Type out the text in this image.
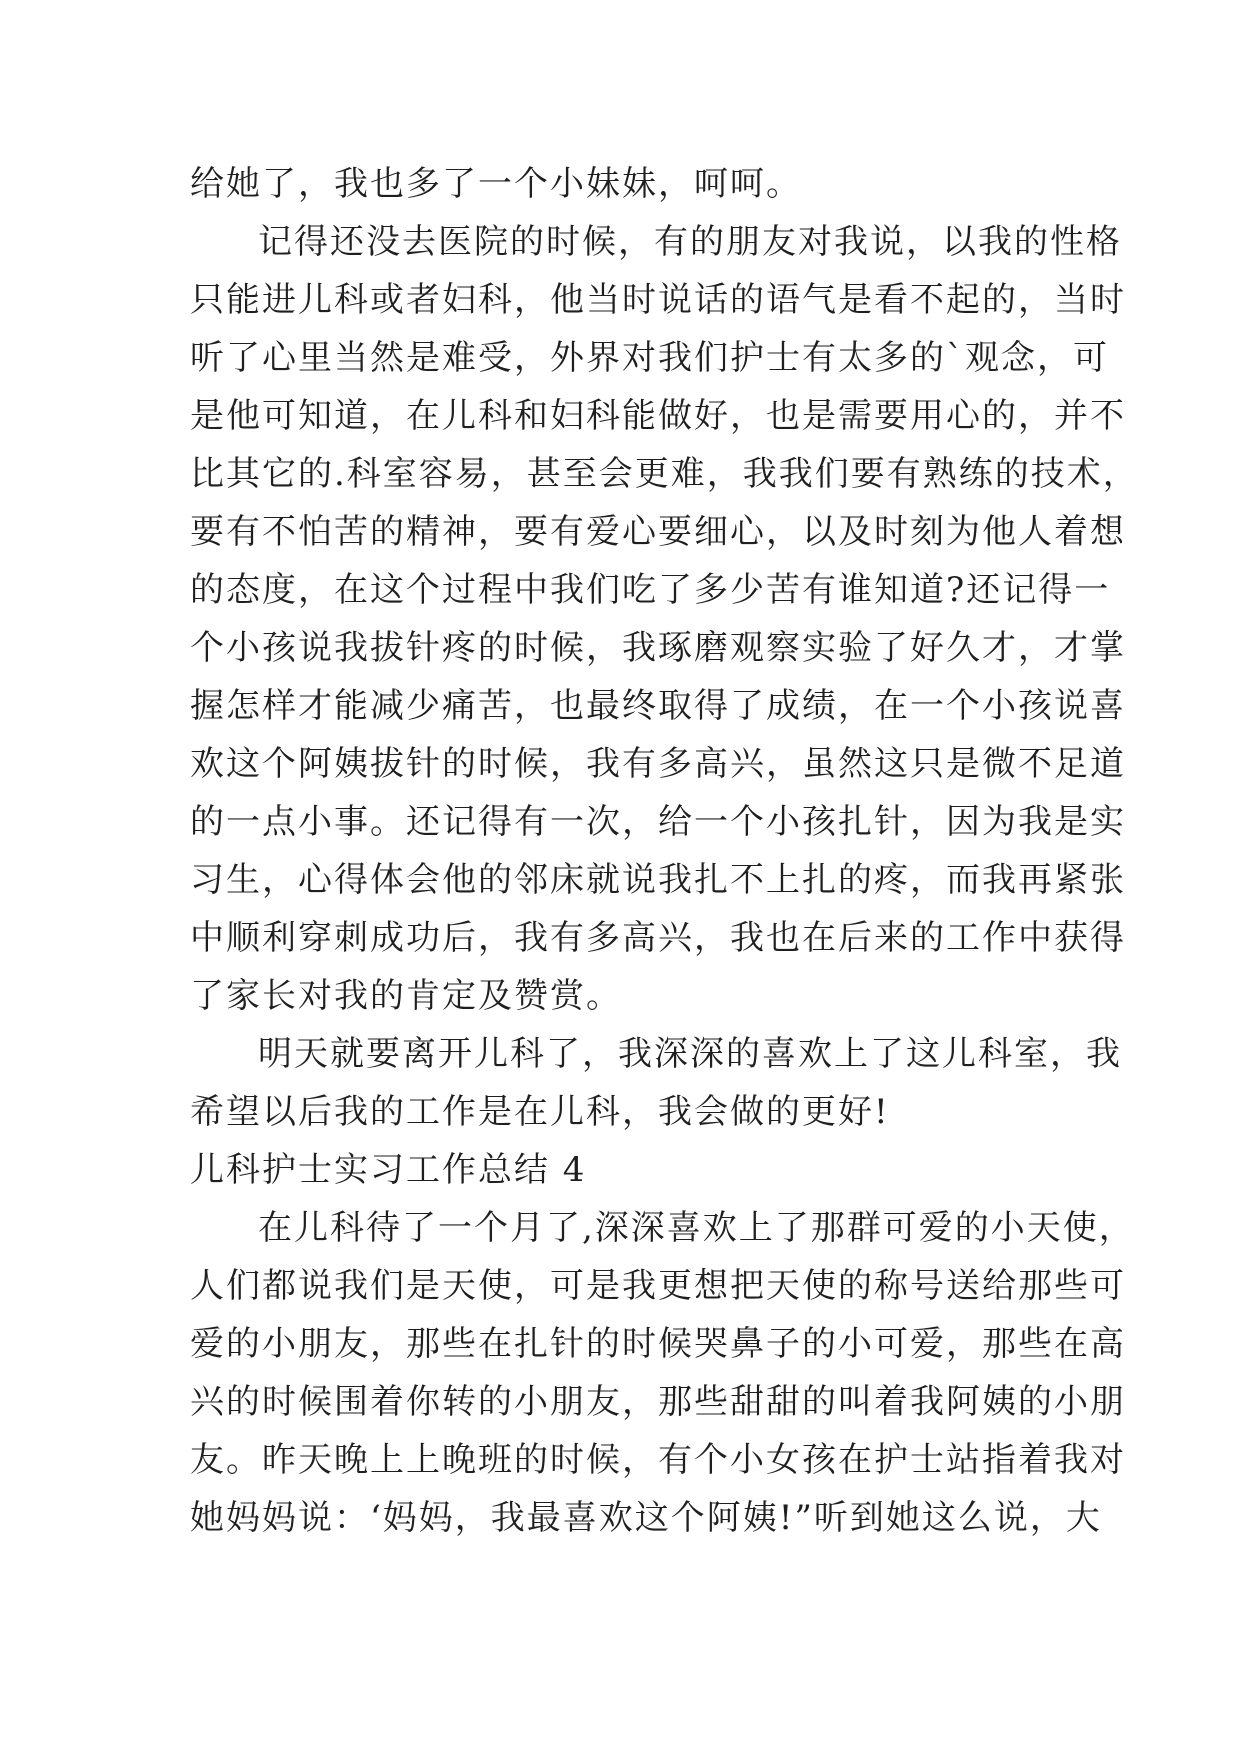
给她了，我也多了一个小妹妹，呵呵。
记得还没去医院的时候，有的朋友对我说，以我的性格
只能进儿科或者妇科，他当时说话的语气是看不起的，当时
听了心里当然是难受，外界对我们护士有太多的`观念，可
是他可知道，在儿科和妇科能做好，也是需要用心的，并不
比其它的.科室容易，甚至会更难，我我们要有熟练的技术，
要有不怕苦的精神，要有爱心要细心，以及时刻为他人着想
的态度，在这个过程中我们吃了多少苦有谁知道?还记得一
个小孩说我拔针疼的时候，我琢磨观察实验了好久才，才掌
握怎样才能减少痛苦，也最终取得了成绩，在一个小孩说喜
欢这个阿姨拔针的时候，我有多高兴，虽然这只是微不足道
的一点小事。还记得有一次，给一个小孩扎针，因为我是实
习生，心得体会他的邻床就说我扎不上扎的疼，而我再紧张
中顺利穿刺成功后，我有多高兴，我也在后来的工作中获得
了家长对我的肯定及赞赏。
明天就要离开儿科了，我深深的喜欢上了这儿科室，我
希望以后我的工作是在儿科，我会做的更好!
儿科护士实习工作总结 4
在儿科待了一个月了,深深喜欢上了那群可爱的小天使，
人们都说我们是天使，可是我更想把天使的称号送给那些可
爱的小朋友，那些在扎针的时候哭鼻子的小可爱，那些在高
兴的时候围着你转的小朋友，那些甜甜的叫着我阿姨的小朋
友。昨天晚上上晚班的时候，有个小女孩在护士站指着我对
她妈妈说：‘妈妈，我最喜欢这个阿姨!”听到她这么说，大
